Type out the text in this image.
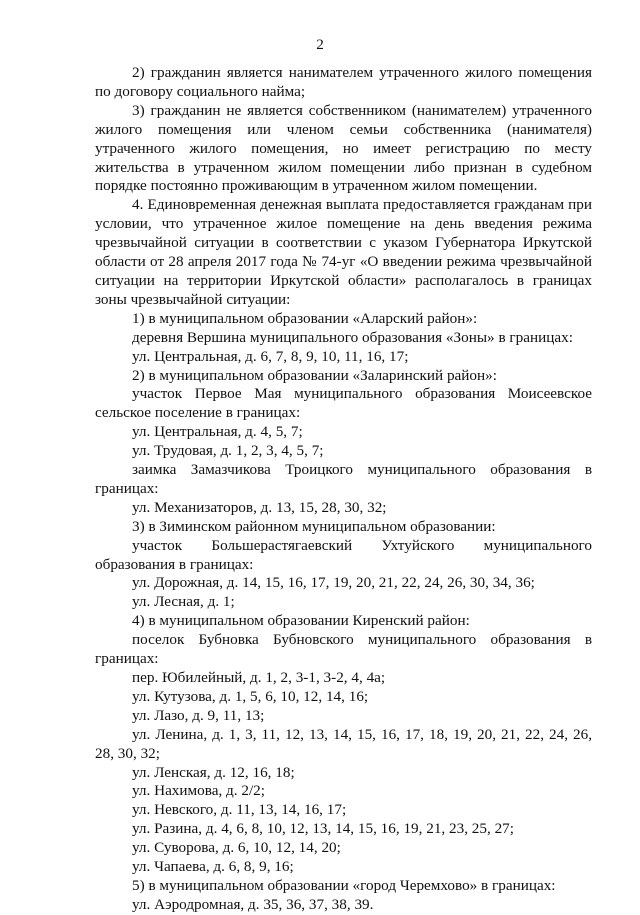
2

2) гражданин является нанимателем утраченного жилого помещения по договору социального найма;

3) гражданин не является собственником (нанимателем) утраченного жилого помещения или членом семьи собственника (нанимателя) утраченного жилого помещения, но имеет регистрацию по месту жительства в утраченном жилом помещении либо признан в судебном порядке постоянно проживающим в утраченном жилом помещении.

4. Единовременная денежная выплата предоставляется гражданам при условии, что утраченное жилое помещение на день введения режима чрезвычайной ситуации в соответствии с указом Губернатора Иркутской области от 28 апреля 2017 года № 74-уг «О введении режима чрезвычайной ситуации на территории Иркутской области» располагалось в границах зоны чрезвычайной ситуации:

1) в муниципальном образовании «Аларский район»:

деревня Вершина муниципального образования «Зоны» в границах:

ул. Центральная, д. 6, 7, 8, 9, 10, 11, 16, 17;

2) в муниципальном образовании «Заларинский район»:

участок Первое Мая муниципального образования Моисеевское сельское поселение в границах:

ул. Центральная, д. 4, 5, 7;

ул. Трудовая, д. 1, 2, 3, 4, 5, 7;

заимка Замазчикова Троицкого муниципального образования в границах:

ул. Механизаторов, д. 13, 15, 28, 30, 32;

3) в Зиминском районном муниципальном образовании:

участок Большерастягаевский Ухтуйского муниципального образования в границах:

ул. Дорожная, д. 14, 15, 16, 17, 19, 20, 21, 22, 24, 26, 30, 34, 36;

ул. Лесная, д. 1;

4) в муниципальном образовании Киренский район:

поселок Бубновка Бубновского муниципального образования в границах:

пер. Юбилейный, д. 1, 2, 3-1, 3-2, 4, 4а;

ул. Кутузова, д. 1, 5, 6, 10, 12, 14, 16;

ул. Лазо, д. 9, 11, 13;

ул. Ленина, д. 1, 3, 11, 12, 13, 14, 15, 16, 17, 18, 19, 20, 21, 22, 24, 26, 28, 30, 32;

ул. Ленская, д. 12, 16, 18;

ул. Нахимова, д. 2/2;

ул. Невского, д. 11, 13, 14, 16, 17;

ул. Разина, д. 4, 6, 8, 10, 12, 13, 14, 15, 16, 19, 21, 23, 25, 27;

ул. Суворова, д. 6, 10, 12, 14, 20;

ул. Чапаева, д. 6, 8, 9, 16;

5) в муниципальном образовании «город Черемхово» в границах:

ул. Аэродромная, д. 35, 36, 37, 38, 39.
